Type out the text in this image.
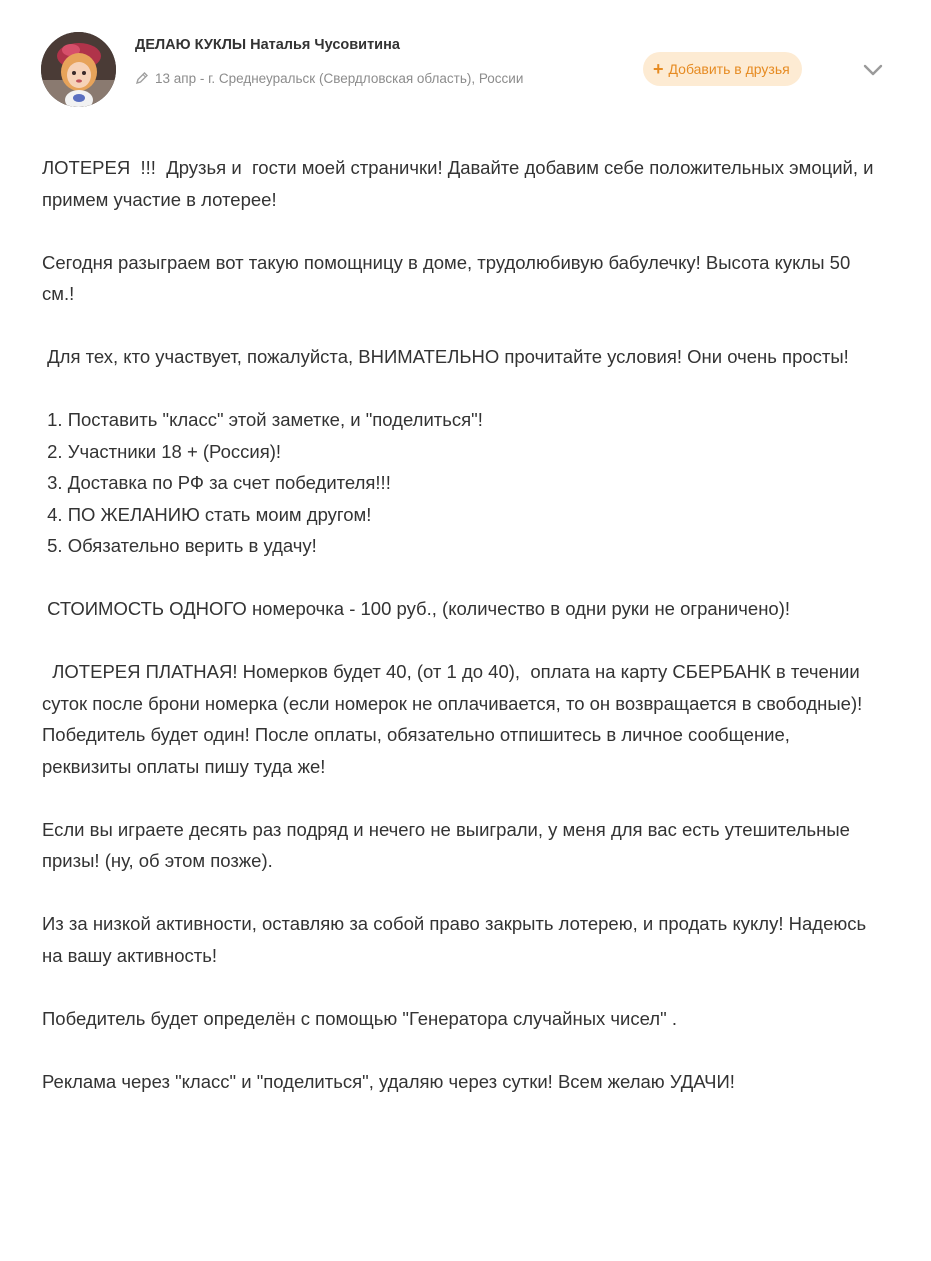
ДЕЛАЮ КУКЛЫ Наталья Чусовитина
13 апр - г. Среднеуральск (Свердловская область), России	+ Добавить в друзья

ЛОТЕРЕЯ  !!!  Друзья и  гости моей странички! Давайте добавим себе положительных эмоций, и примем участие в лотерее!

Сегодня разыграем вот такую помощницу в доме, трудолюбивую бабулечку! Высота куклы 50 см.!

Для тех, кто участвует, пожалуйста, ВНИМАТЕЛЬНО прочитайте условия! Они очень просты!

1. Поставить "класс" этой заметке, и "поделиться"!
2. Участники 18 + (Россия)!
3. Доставка по РФ за счет победителя!!!
4. ПО ЖЕЛАНИЮ стать моим другом!
5. Обязательно верить в удачу!

СТОИМОСТЬ ОДНОГО номерочка - 100 руб., (количество в одни руки не ограничено)!

ЛОТЕРЕЯ ПЛАТНАЯ! Номерков будет 40, (от 1 до 40),  оплата на карту СБЕРБАНК в течении суток после брони номерка (если номерок не оплачивается, то он возвращается в свободные)!  Победитель будет один! После оплаты, обязательно отпишитесь в личное сообщение, реквизиты оплаты пишу туда же!

Если вы играете десять раз подряд и нечего не выиграли, у меня для вас есть утешительные призы! (ну, об этом позже).

Из за низкой активности, оставляю за собой право закрыть лотерею, и продать куклу! Надеюсь на вашу активность!

Победитель будет определён с помощью "Генератора случайных чисел" .

Реклама через "класс" и "поделиться", удаляю через сутки! Всем желаю УДАЧИ!
